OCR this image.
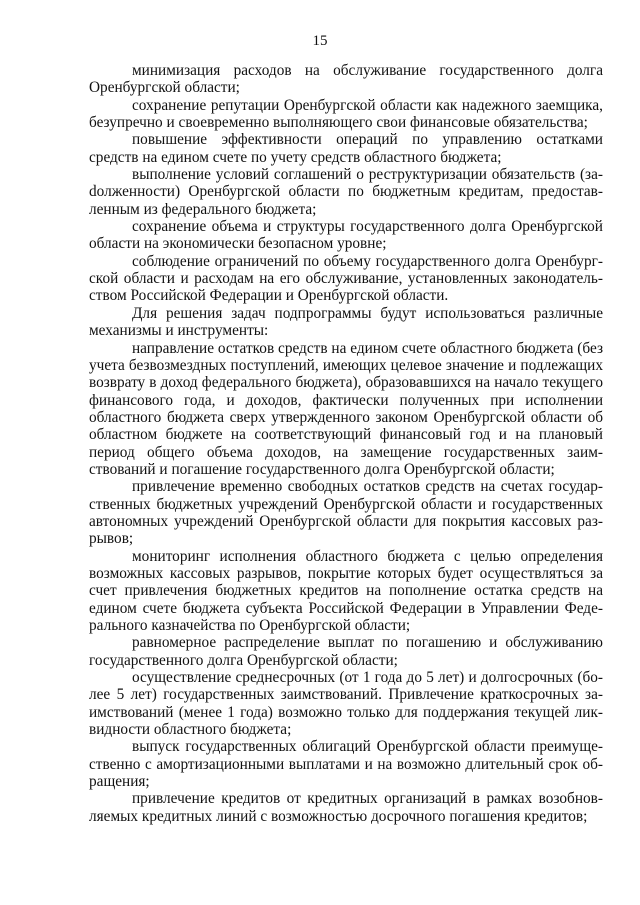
15

минимизация расходов на обслуживание государственного долга Оренбургской области;

сохранение репутации Оренбургской области как надежного заемщика, безупречно и своевременно выполняющего свои финансовые обязательства;

повышение эффективности операций по управлению остатками средств на едином счете по учету средств областного бюджета;

выполнение условий соглашений о реструктуризации обязательств (заdолженности) Оренбургской области по бюджетным кредитам, предоставленным из федерального бюджета;

сохранение объема и структуры государственного долга Оренбургской области на экономически безопасном уровне;

соблюдение ограничений по объему государственного долга Оренбургской области и расходам на его обслуживание, установленных законодательством Российской Федерации и Оренбургской области.

Для решения задач подпрограммы будут использоваться различные механизмы и инструменты:

направление остатков средств на едином счете областного бюджета (без учета безвозмездных поступлений, имеющих целевое значение и подлежащих возврату в доход федерального бюджета), образовавшихся на начало текущего финансового года, и доходов, фактически полученных при исполнении областного бюджета сверх утвержденного законом Оренбургской области об областном бюджете на соответствующий финансовый год и на плановый период общего объема доходов, на замещение государственных заимствований и погашение государственного долга Оренбургской области;

привлечение временно свободных остатков средств на счетах государственных бюджетных учреждений Оренбургской области и государственных автономных учреждений Оренбургской области для покрытия кассовых разрывов;

мониторинг исполнения областного бюджета с целью определения возможных кассовых разрывов, покрытие которых будет осуществляться за счет привлечения бюджетных кредитов на пополнение остатка средств на едином счете бюджета субъекта Российской Федерации в Управлении Федерального казначейства по Оренбургской области;

равномерное распределение выплат по погашению и обслуживанию государственного долга Оренбургской области;

осуществление среднесрочных (от 1 года до 5 лет) и долгосрочных (более 5 лет) государственных заимствований. Привлечение краткосрочных заимствований (менее 1 года) возможно только для поддержания текущей ликвидности областного бюджета;

выпуск государственных облигаций Оренбургской области преимущественно с амортизационными выплатами и на возможно длительный срок обращения;

привлечение кредитов от кредитных организаций в рамках возобновляемых кредитных линий с возможностью досрочного погашения кредитов;
